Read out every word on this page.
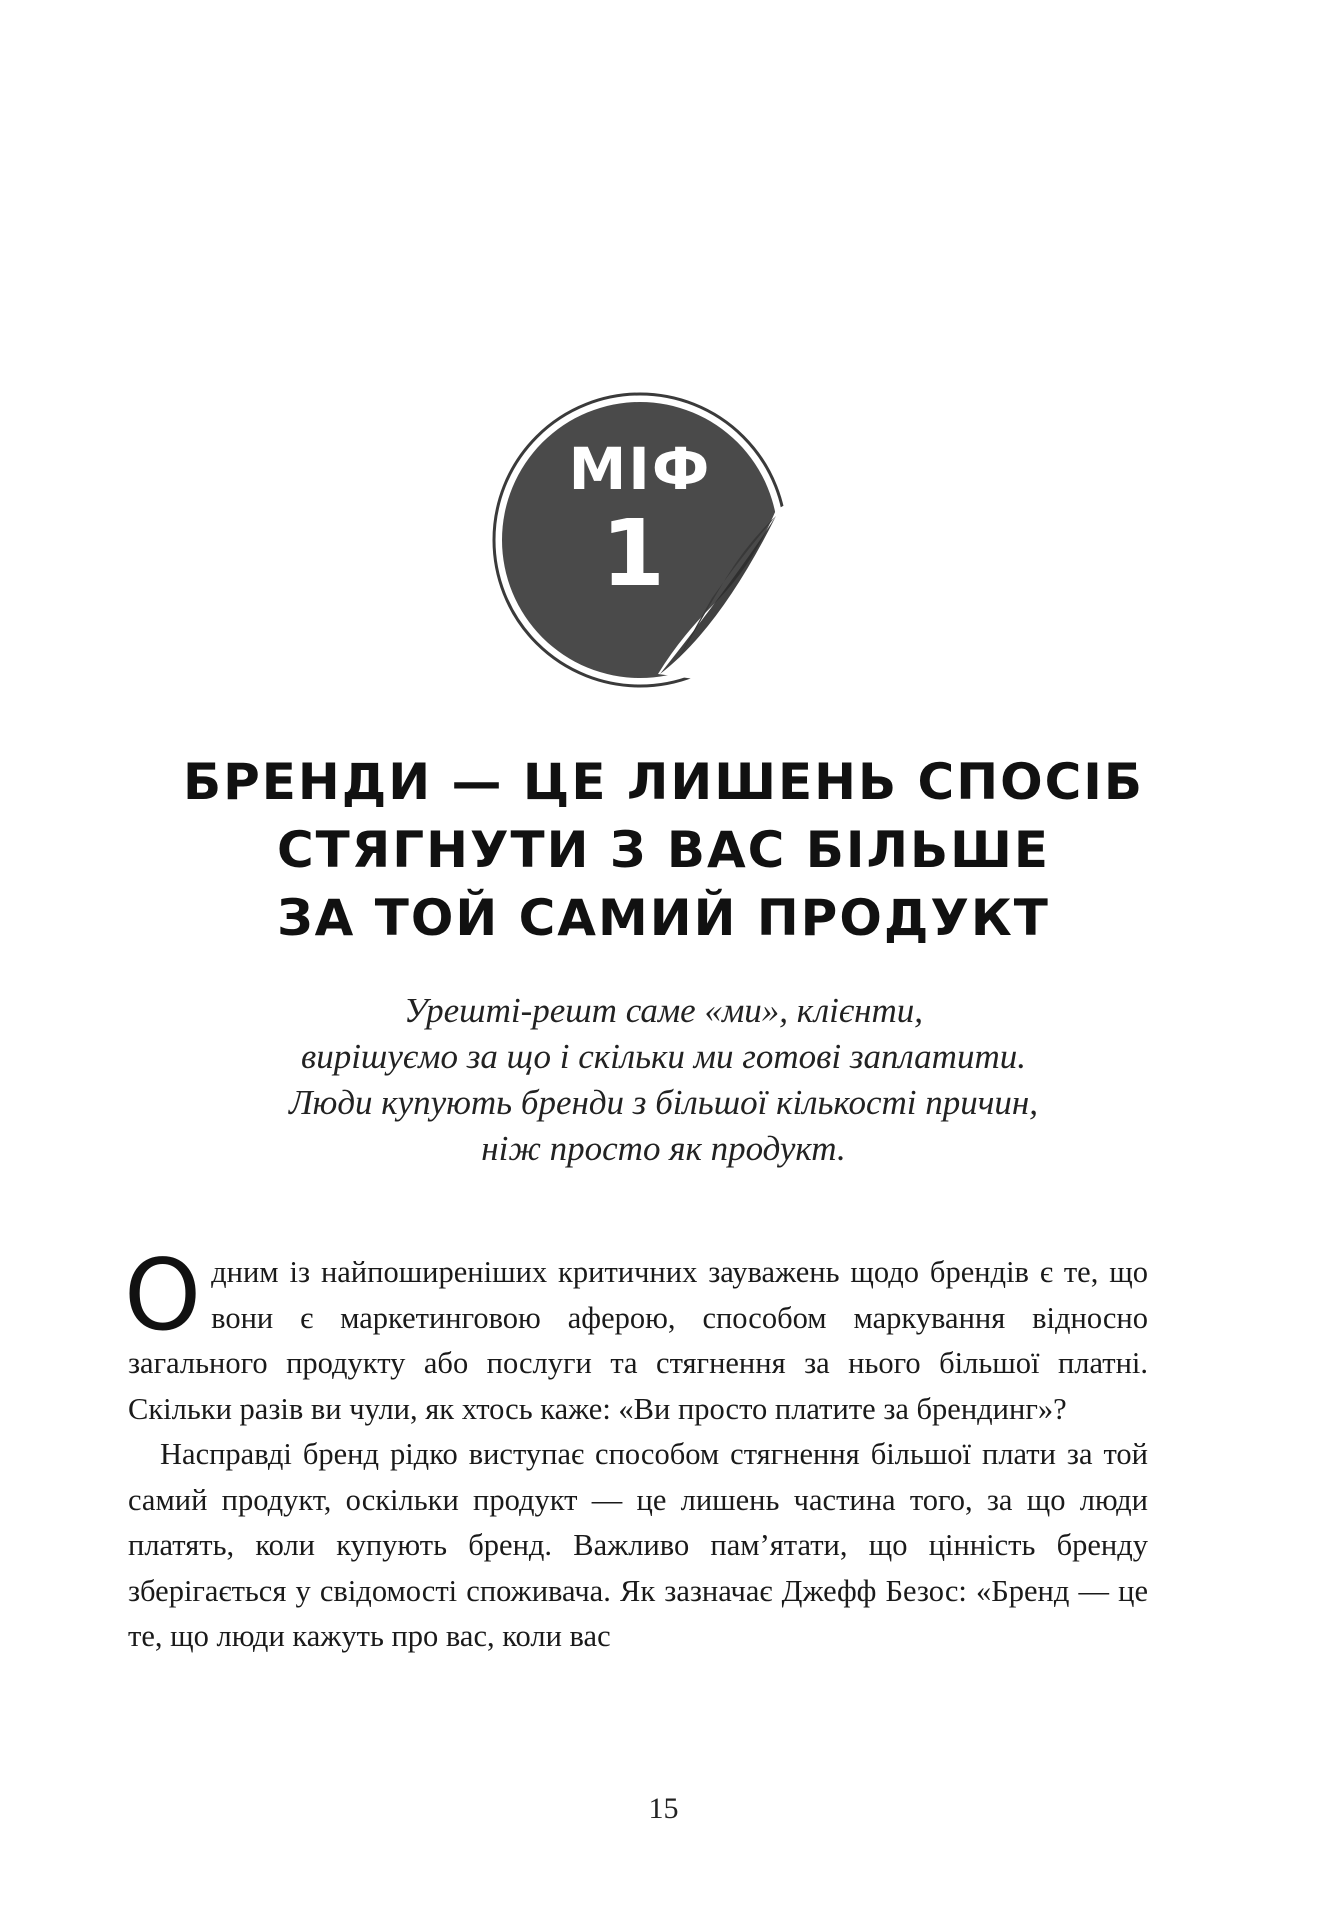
МІФ
1
БРЕНДИ — ЦЕ ЛИШЕНЬ СПОСІБ
СТЯГНУТИ З ВАС БІЛЬШЕ
ЗА ТОЙ САМИЙ ПРОДУКТ
Урешті-решт саме «ми», клієнти,
вирішуємо за що і скільки ми готові заплатити.
Люди купують бренди з більшої кількості причин,
ніж просто як продукт.

Одним із найпоширеніших критичних зауважень щодо брендів є те, що вони є маркетинговою аферою, способом маркування відносно загального продукту або послуги та стягнення за нього більшої платні. Скільки разів ви чули, як хтось каже: «Ви просто платите за брендинг»?

Насправді бренд рідко виступає способом стягнення більшої плати за той самий продукт, оскільки продукт — це лишень частина того, за що люди платять, коли купують бренд. Важливо пам’ятати, що цінність бренду зберігається у свідомості споживача. Як зазначає Джефф Безос: «Бренд — це те, що люди кажуть про вас, коли вас

15
